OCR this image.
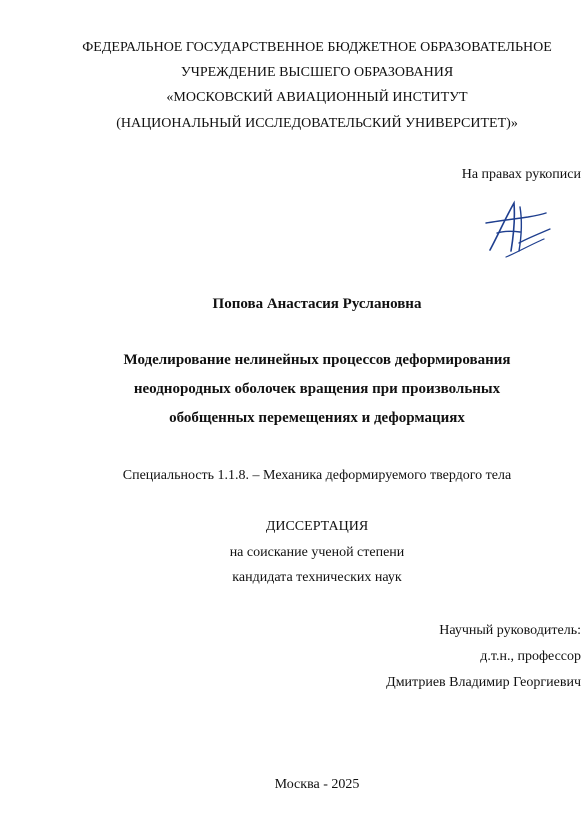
ФЕДЕРАЛЬНОЕ ГОСУДАРСТВЕННОЕ БЮДЖЕТНОЕ ОБРАЗОВАТЕЛЬНОЕ
УЧРЕЖДЕНИЕ ВЫСШЕГО ОБРАЗОВАНИЯ
«МОСКОВСКИЙ АВИАЦИОННЫЙ ИНСТИТУТ
(НАЦИОНАЛЬНЫЙ ИССЛЕДОВАТЕЛЬСКИЙ УНИВЕРСИТЕТ)»
На правах рукописи
Попова Анастасия Руслановна
Моделирование нелинейных процессов деформирования
неоднородных оболочек вращения при произвольных
обобщенных перемещениях и деформациях
Специальность 1.1.8. – Механика деформируемого твердого тела
ДИССЕРТАЦИЯ
на соискание ученой степени
кандидата технических наук
Научный руководитель:
д.т.н., профессор
Дмитриев Владимир Георгиевич
Москва - 2025
